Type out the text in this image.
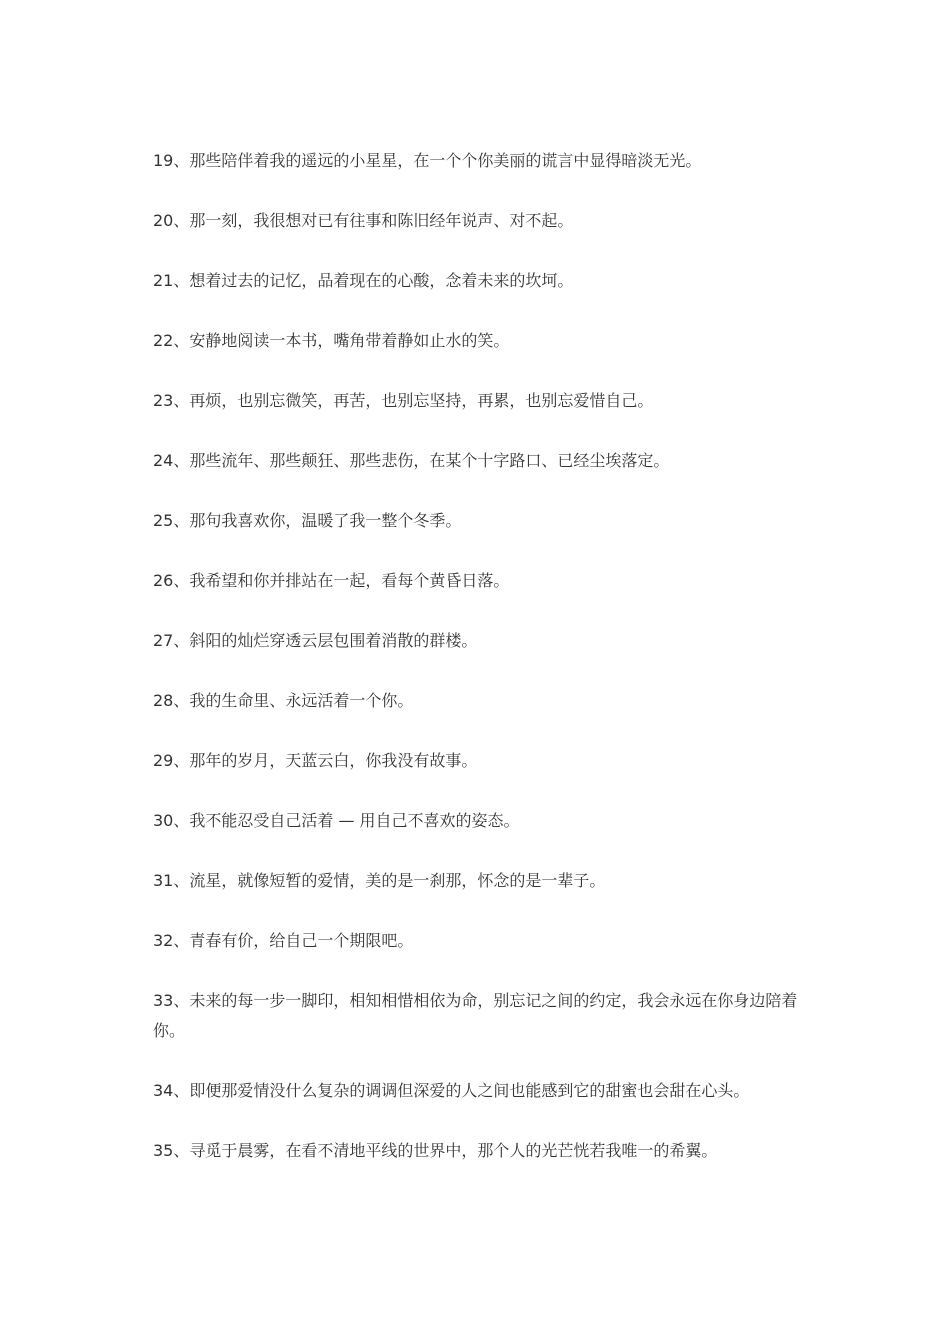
19、那些陪伴着我的遥远的小星星，在一个个你美丽的谎言中显得暗淡无光。

20、那一刻，我很想对已有往事和陈旧经年说声、对不起。

21、想着过去的记忆，品着现在的心酸，念着未来的坎坷。

22、安静地阅读一本书，嘴角带着静如止水的笑。

23、再烦，也别忘微笑，再苦，也别忘坚持，再累，也别忘爱惜自己。

24、那些流年、那些颠狂、那些悲伤，在某个十字路口、已经尘埃落定。

25、那句我喜欢你，温暖了我一整个冬季。

26、我希望和你并排站在一起，看每个黄昏日落。

27、斜阳的灿烂穿透云层包围着消散的群楼。

28、我的生命里、永远活着一个你。

29、那年的岁月，天蓝云白，你我没有故事。

30、我不能忍受自己活着 — 用自己不喜欢的姿态。

31、流星，就像短暂的爱情，美的是一刹那，怀念的是一辈子。

32、青春有价，给自己一个期限吧。

33、未来的每一步一脚印，相知相惜相依为命，别忘记之间的约定，我会永远在你身边陪着你。

34、即便那爱情没什么复杂的调调但深爱的人之间也能感到它的甜蜜也会甜在心头。

35、寻觅于晨雾，在看不清地平线的世界中，那个人的光芒恍若我唯一的希翼。
